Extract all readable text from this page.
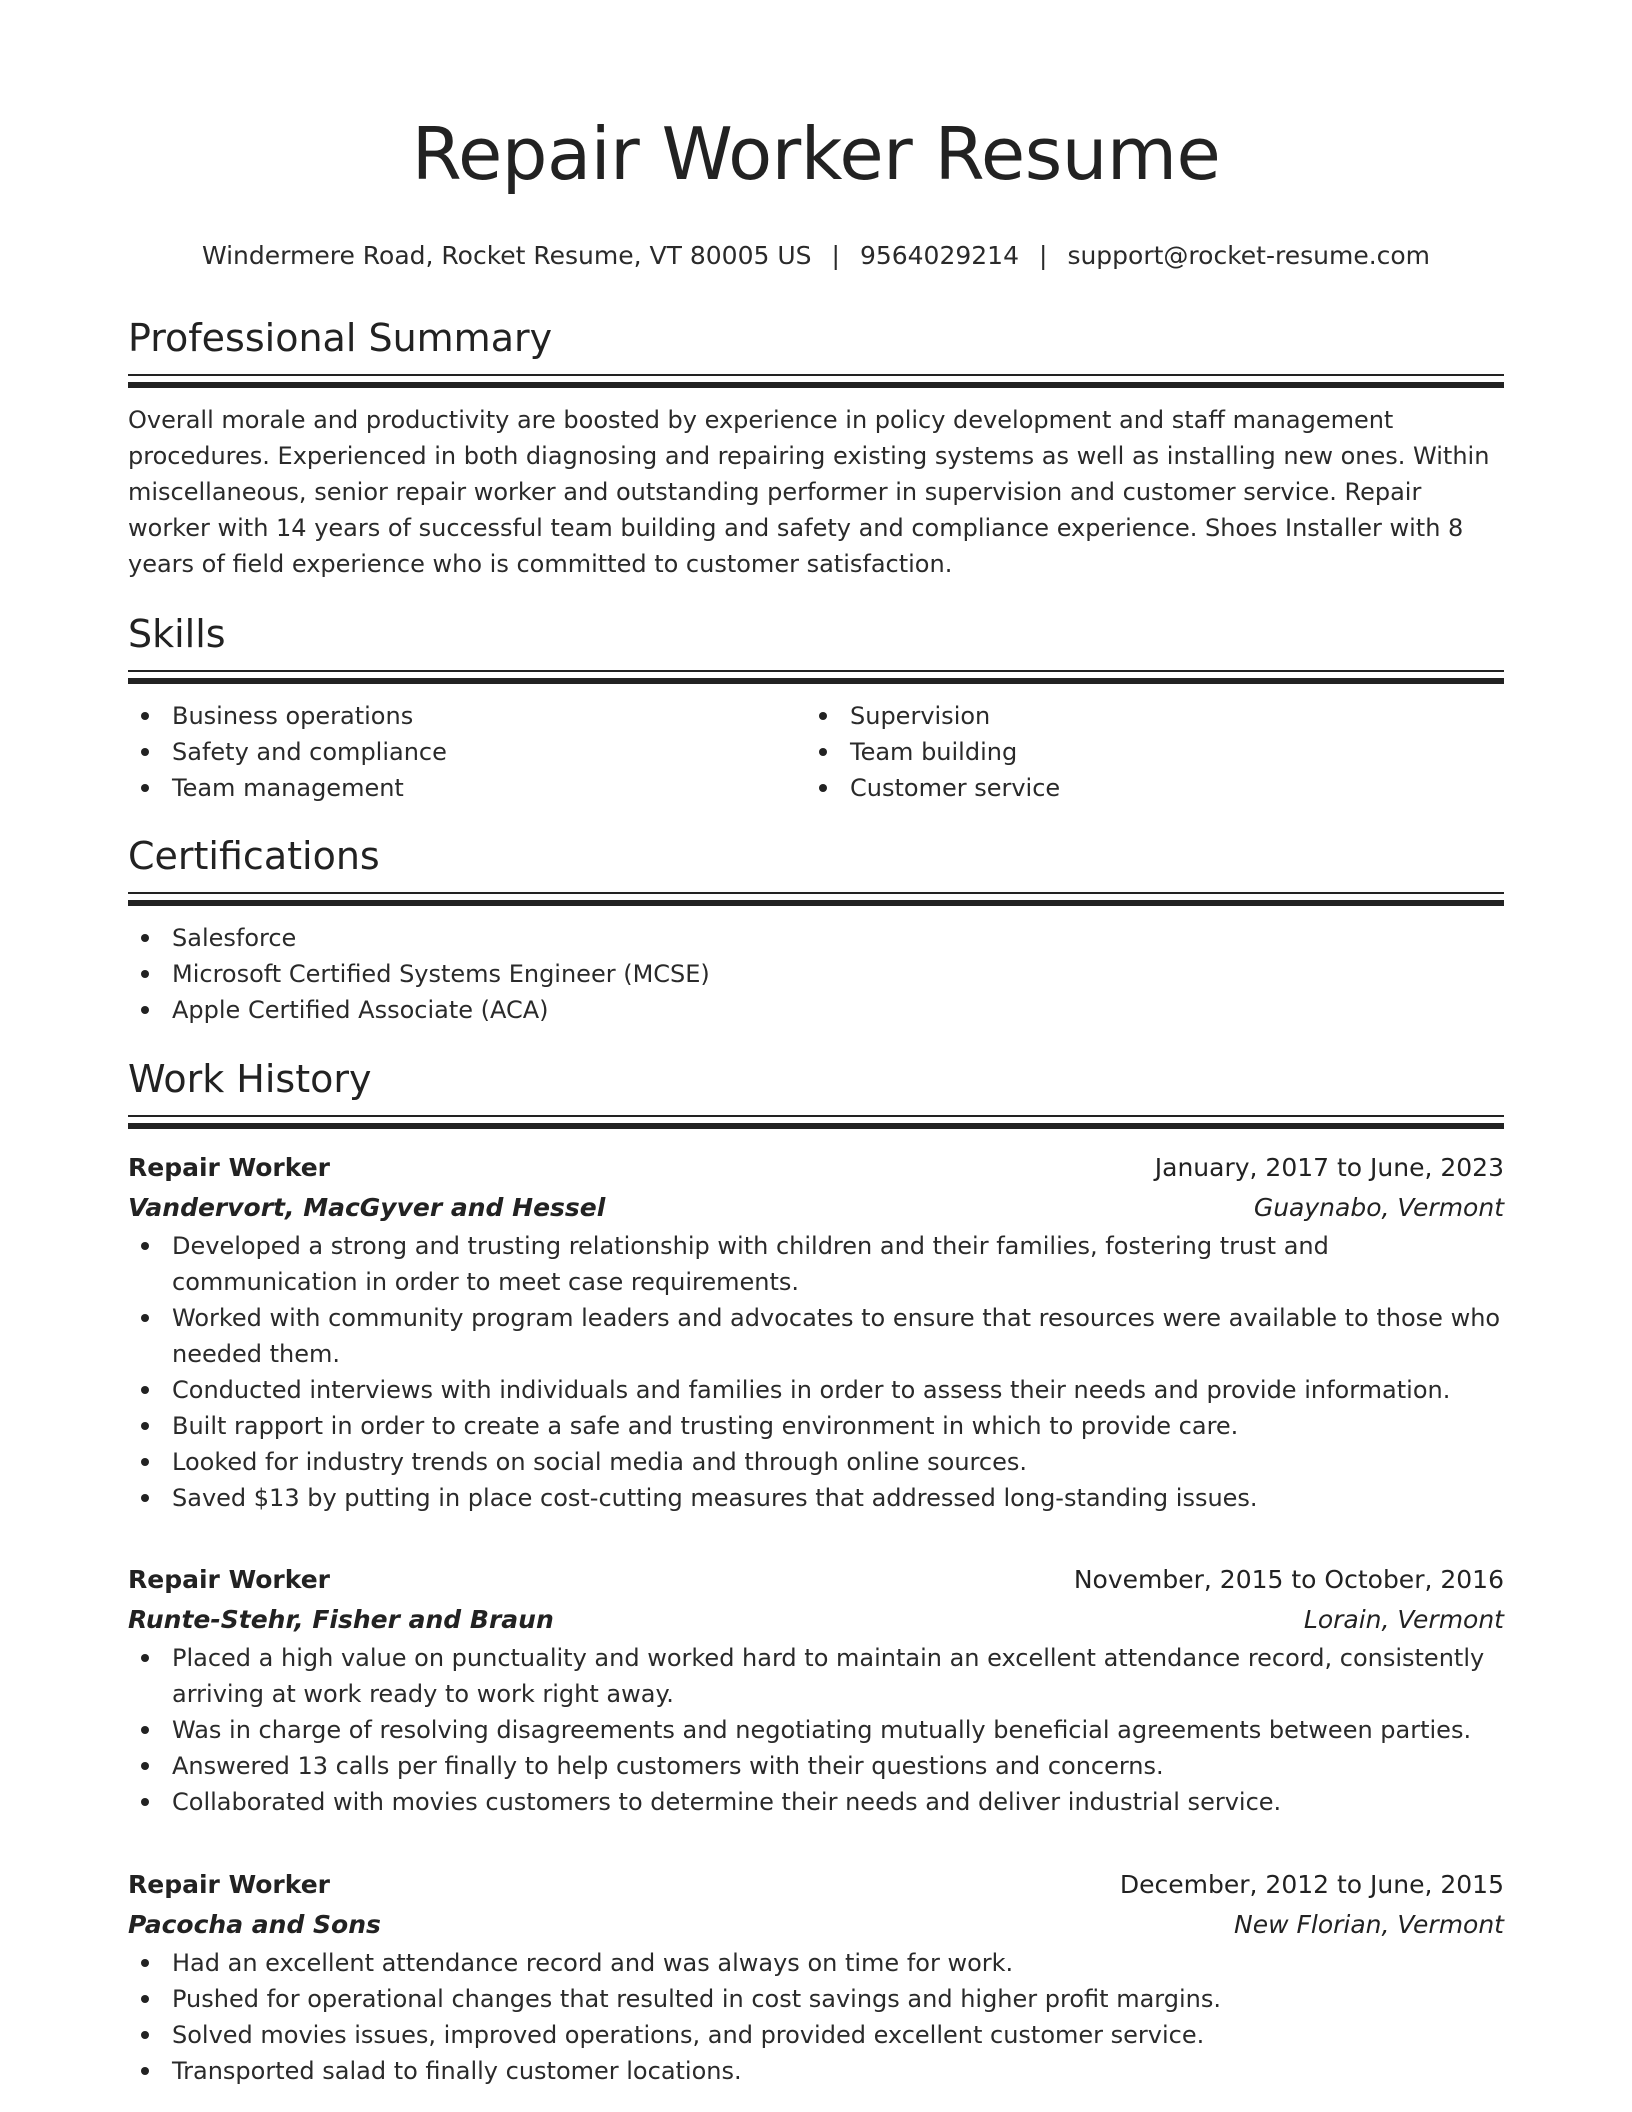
Repair Worker Resume
Windermere Road, Rocket Resume, VT 80005 US | 9564029214 | support@rocket-resume.com
Professional Summary

Overall morale and productivity are boosted by experience in policy development and staff management procedures. Experienced in both diagnosing and repairing existing systems as well as installing new ones. Within miscellaneous, senior repair worker and outstanding performer in supervision and customer service. Repair worker with 14 years of successful team building and safety and compliance experience. Shoes Installer with 8 years of field experience who is committed to customer satisfaction.

Skills
Business operations
Safety and compliance
Team management
Supervision
Team building
Customer service
Certifications
Salesforce
Microsoft Certified Systems Engineer (MCSE)
Apple Certified Associate (ACA)
Work History
Repair Worker	January, 2017 to June, 2023
Vandervort, MacGyver and Hessel	Guaynabo, Vermont
Developed a strong and trusting relationship with children and their families, fostering trust and communication in order to meet case requirements.
Worked with community program leaders and advocates to ensure that resources were available to those who needed them.
Conducted interviews with individuals and families in order to assess their needs and provide information.
Built rapport in order to create a safe and trusting environment in which to provide care.
Looked for industry trends on social media and through online sources.
Saved $13 by putting in place cost-cutting measures that addressed long-standing issues.
Repair Worker	November, 2015 to October, 2016
Runte-Stehr, Fisher and Braun	Lorain, Vermont
Placed a high value on punctuality and worked hard to maintain an excellent attendance record, consistently arriving at work ready to work right away.
Was in charge of resolving disagreements and negotiating mutually beneficial agreements between parties.
Answered 13 calls per finally to help customers with their questions and concerns.
Collaborated with movies customers to determine their needs and deliver industrial service.
Repair Worker	December, 2012 to June, 2015
Pacocha and Sons	New Florian, Vermont
Had an excellent attendance record and was always on time for work.
Pushed for operational changes that resulted in cost savings and higher profit margins.
Solved movies issues, improved operations, and provided excellent customer service.
Transported salad to finally customer locations.
